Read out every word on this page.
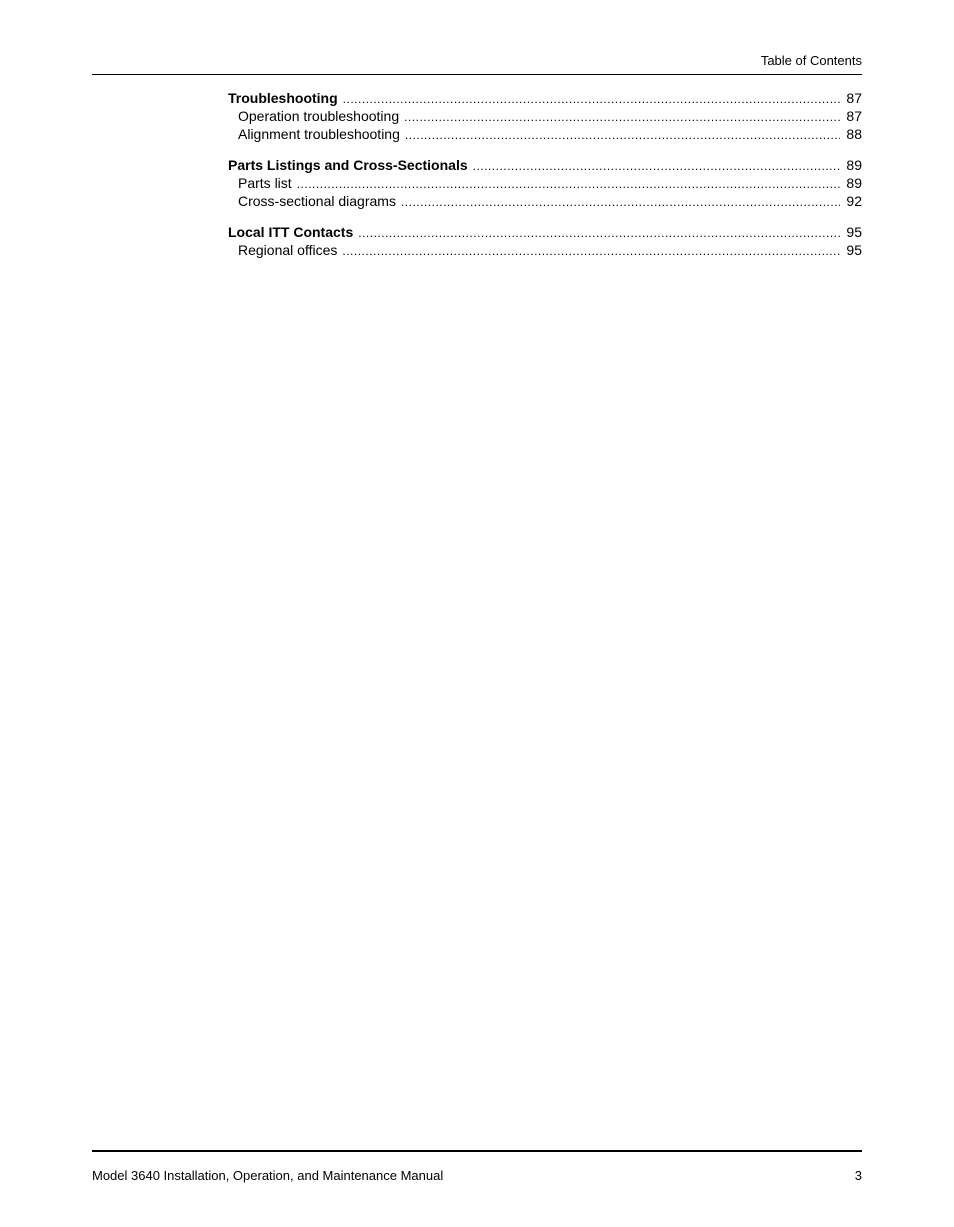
Table of Contents
Troubleshooting .....	87
Operation troubleshooting .....	87
Alignment troubleshooting .....	88
Parts Listings and Cross-Sectionals .....	89
Parts list .....	89
Cross-sectional diagrams .....	92
Local ITT Contacts .....	95
Regional offices .....	95
Model 3640 Installation, Operation, and Maintenance Manual	3
